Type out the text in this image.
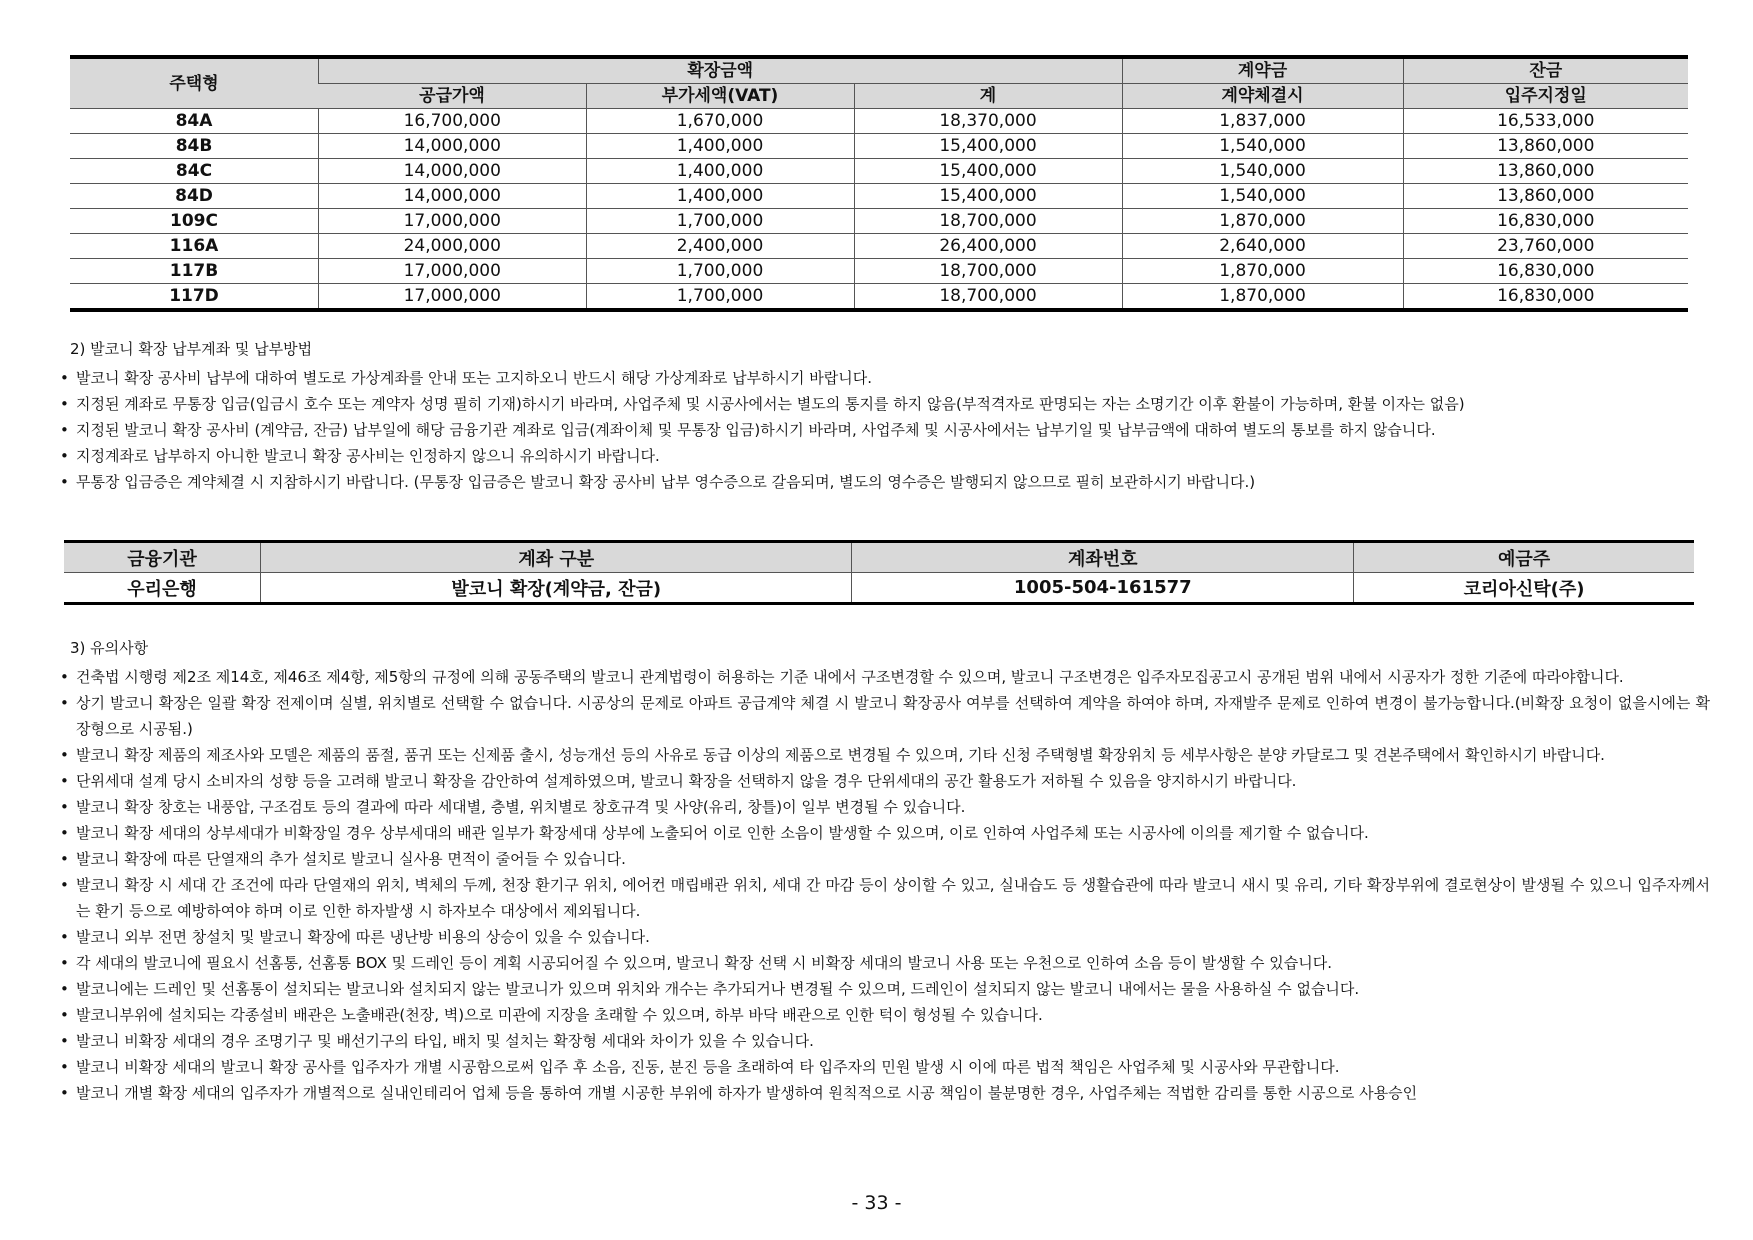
주택형	확장금액			계약금	잔금
	공급가액	부가세액(VAT)	계	계약체결시	입주지정일
84A	16,700,000	1,670,000	18,370,000	1,837,000	16,533,000
84B	14,000,000	1,400,000	15,400,000	1,540,000	13,860,000
84C	14,000,000	1,400,000	15,400,000	1,540,000	13,860,000
84D	14,000,000	1,400,000	15,400,000	1,540,000	13,860,000
109C	17,000,000	1,700,000	18,700,000	1,870,000	16,830,000
116A	24,000,000	2,400,000	26,400,000	2,640,000	23,760,000
117B	17,000,000	1,700,000	18,700,000	1,870,000	16,830,000
117D	17,000,000	1,700,000	18,700,000	1,870,000	16,830,000
2) 발코니 확장 납부계좌 및 납부방법
• 발코니 확장 공사비 납부에 대하여 별도로 가상계좌를 안내 또는 고지하오니 반드시 해당 가상계좌로 납부하시기 바랍니다.
• 지정된 계좌로 무통장 입금(입금시 호수 또는 계약자 성명 필히 기재)하시기 바라며, 사업주체 및 시공사에서는 별도의 통지를 하지 않음(부적격자로 판명되는 자는 소명기간 이후 환불이 가능하며, 환불 이자는 없음)
• 지정된 발코니 확장 공사비 (계약금, 잔금) 납부일에 해당 금융기관 계좌로 입금(계좌이체 및 무통장 입금)하시기 바라며, 사업주체 및 시공사에서는 납부기일 및 납부금액에 대하여 별도의 통보를 하지 않습니다.
• 지정계좌로 납부하지 아니한 발코니 확장 공사비는 인정하지 않으니 유의하시기 바랍니다.
• 무통장 입금증은 계약체결 시 지참하시기 바랍니다. (무통장 입금증은 발코니 확장 공사비 납부 영수증으로 갈음되며, 별도의 영수증은 발행되지 않으므로 필히 보관하시기 바랍니다.)
금융기관	계좌 구분	계좌번호	예금주
우리은행	발코니 확장(계약금, 잔금)	1005-504-161577	코리아신탁(주)
3) 유의사항
• 건축법 시행령 제2조 제14호, 제46조 제4항, 제5항의 규정에 의해 공동주택의 발코니 관계법령이 허용하는 기준 내에서 구조변경할 수 있으며, 발코니 구조변경은 입주자모집공고시 공개된 범위 내에서 시공자가 정한 기준에 따라야합니다.
• 상기 발코니 확장은 일괄 확장 전제이며 실별, 위치별로 선택할 수 없습니다. 시공상의 문제로 아파트 공급계약 체결 시 발코니 확장공사 여부를 선택하여 계약을 하여야 하며, 자재발주 문제로 인하여 변경이 불가능합니다.(비확장 요청이 없을시에는 확장형으로 시공됨.)
• 발코니 확장 제품의 제조사와 모델은 제품의 품절, 품귀 또는 신제품 출시, 성능개선 등의 사유로 동급 이상의 제품으로 변경될 수 있으며, 기타 신청 주택형별 확장위치 등 세부사항은 분양 카달로그 및 견본주택에서 확인하시기 바랍니다.
• 단위세대 설계 당시 소비자의 성향 등을 고려해 발코니 확장을 감안하여 설계하였으며, 발코니 확장을 선택하지 않을 경우 단위세대의 공간 활용도가 저하될 수 있음을 양지하시기 바랍니다.
• 발코니 확장 창호는 내풍압, 구조검토 등의 결과에 따라 세대별, 층별, 위치별로 창호규격 및 사양(유리, 창틀)이 일부 변경될 수 있습니다.
• 발코니 확장 세대의 상부세대가 비확장일 경우 상부세대의 배관 일부가 확장세대 상부에 노출되어 이로 인한 소음이 발생할 수 있으며, 이로 인하여 사업주체 또는 시공사에 이의를 제기할 수 없습니다.
• 발코니 확장에 따른 단열재의 추가 설치로 발코니 실사용 면적이 줄어들 수 있습니다.
• 발코니 확장 시 세대 간 조건에 따라 단열재의 위치, 벽체의 두께, 천장 환기구 위치, 에어컨 매립배관 위치, 세대 간 마감 등이 상이할 수 있고, 실내습도 등 생활습관에 따라 발코니 새시 및 유리, 기타 확장부위에 결로현상이 발생될 수 있으니 입주자께서는 환기 등으로 예방하여야 하며 이로 인한 하자발생 시 하자보수 대상에서 제외됩니다.
• 발코니 외부 전면 창설치 및 발코니 확장에 따른 냉난방 비용의 상승이 있을 수 있습니다.
• 각 세대의 발코니에 필요시 선홈통, 선홈통 BOX 및 드레인 등이 계획 시공되어질 수 있으며, 발코니 확장 선택 시 비확장 세대의 발코니 사용 또는 우천으로 인하여 소음 등이 발생할 수 있습니다.
• 발코니에는 드레인 및 선홈통이 설치되는 발코니와 설치되지 않는 발코니가 있으며 위치와 개수는 추가되거나 변경될 수 있으며, 드레인이 설치되지 않는 발코니 내에서는 물을 사용하실 수 없습니다.
• 발코니부위에 설치되는 각종설비 배관은 노출배관(천장, 벽)으로 미관에 지장을 초래할 수 있으며, 하부 바닥 배관으로 인한 턱이 형성될 수 있습니다.
• 발코니 비확장 세대의 경우 조명기구 및 배선기구의 타입, 배치 및 설치는 확장형 세대와 차이가 있을 수 있습니다.
• 발코니 비확장 세대의 발코니 확장 공사를 입주자가 개별 시공함으로써 입주 후 소음, 진동, 분진 등을 초래하여 타 입주자의 민원 발생 시 이에 따른 법적 책임은 사업주체 및 시공사와 무관합니다.
• 발코니 개별 확장 세대의 입주자가 개별적으로 실내인테리어 업체 등을 통하여 개별 시공한 부위에 하자가 발생하여 원칙적으로 시공 책임이 불분명한 경우, 사업주체는 적법한 감리를 통한 시공으로 사용승인
- 33 -
